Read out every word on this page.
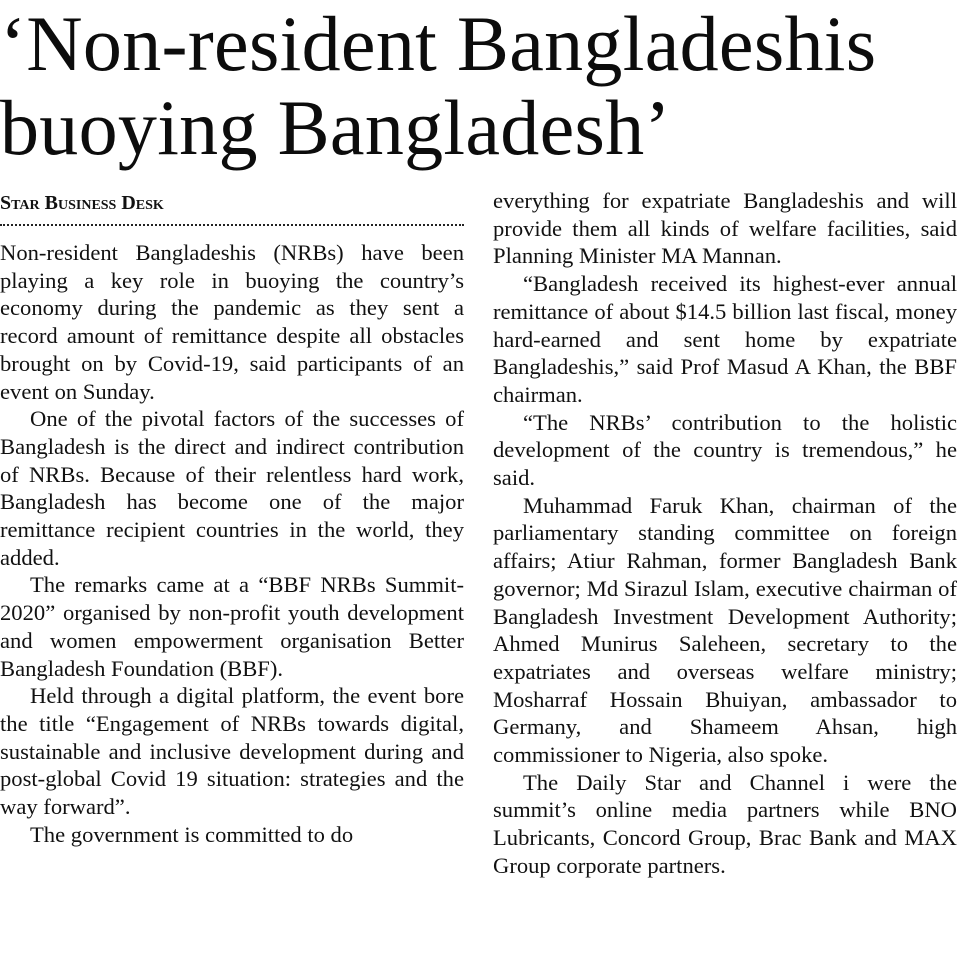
‘Non-resident Bangladeshis buoying Bangladesh’
Star Business Desk

Non-resident Bangladeshis (NRBs) have been playing a key role in buoying the country’s economy during the pandemic as they sent a record amount of remittance despite all obstacles brought on by Covid-19, said participants of an event on Sunday.

One of the pivotal factors of the successes of Bangladesh is the direct and indirect contribution of NRBs. Because of their relentless hard work, Bangladesh has become one of the major remittance recipient countries in the world, they added.

The remarks came at a “BBF NRBs Summit-2020” organised by non-profit youth development and women empowerment organisation Better Bangladesh Foundation (BBF).

Held through a digital platform, the event bore the title “Engagement of NRBs towards digital, sustainable and inclusive development during and post-global Covid 19 situation: strategies and the way forward”.

The government is committed to do

everything for expatriate Bangladeshis and will provide them all kinds of welfare facilities, said Planning Minister MA Mannan.

“Bangladesh received its highest-ever annual remittance of about $14.5 billion last fiscal, money hard-earned and sent home by expatriate Bangladeshis,” said Prof Masud A Khan, the BBF chairman.

“The NRBs’ contribution to the holistic development of the country is tremendous,” he said.

Muhammad Faruk Khan, chairman of the parliamentary standing committee on foreign affairs; Atiur Rahman, former Bangladesh Bank governor; Md Sirazul Islam, executive chairman of Bangladesh Investment Development Authority; Ahmed Munirus Saleheen, secretary to the expatriates and overseas welfare ministry; Mosharraf Hossain Bhuiyan, ambassador to Germany, and Shameem Ahsan, high commissioner to Nigeria, also spoke.

The Daily Star and Channel i were the summit’s online media partners while BNO Lubricants, Concord Group, Brac Bank and MAX Group corporate partners.
